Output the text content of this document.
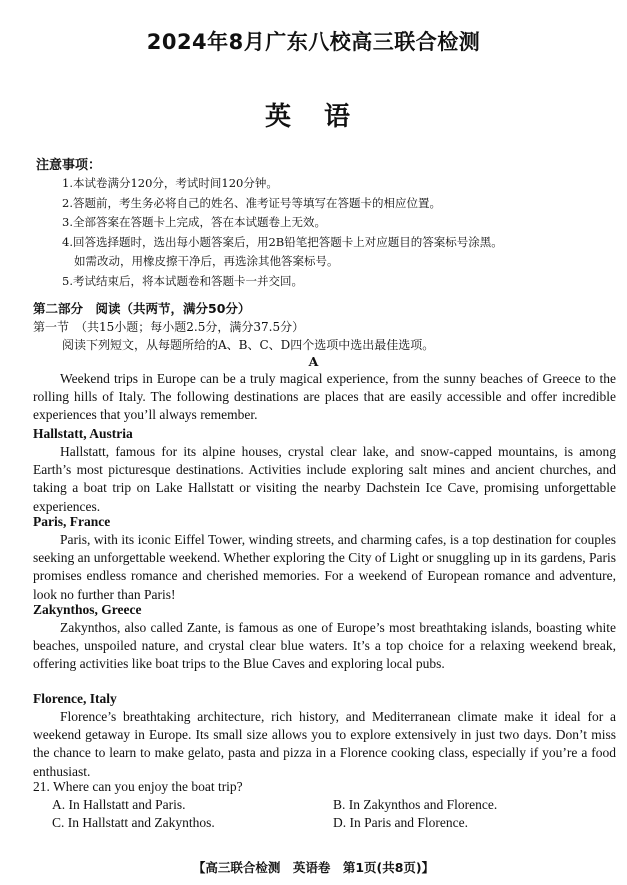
2024年8月广东八校高三联合检测
英 语
注意事项：
1.本试卷满分120分，考试时间120分钟。
2.答题前，考生务必将自己的姓名、准考证号等填写在答题卡的相应位置。
3.全部答案在答题卡上完成，答在本试题卷上无效。
4.回答选择题时，选出每小题答案后，用2B铅笔把答题卡上对应题目的答案标号涂黑。
如需改动，用橡皮擦干净后，再选涂其他答案标号。
5.考试结束后，将本试题卷和答题卡一并交回。
第二部分　阅读（共两节，满分50分）
第一节　（共15小题；每小题2.5分，满分37.5分）
阅读下列短文，从每题所给的A、B、C、D四个选项中选出最佳选项。
A

Weekend trips in Europe can be a truly magical experience, from the sunny beaches of Greece to the rolling hills of Italy. The following destinations are places that are easily accessible and offer incredible experiences that you’ll always remember.

Hallstatt, Austria

Hallstatt, famous for its alpine houses, crystal clear lake, and snow-capped mountains, is among Earth’s most picturesque destinations. Activities include exploring salt mines and ancient churches, and taking a boat trip on Lake Hallstatt or visiting the nearby Dachstein Ice Cave, promising unforgettable experiences.

Paris, France

Paris, with its iconic Eiffel Tower, winding streets, and charming cafes, is a top destination for couples seeking an unforgettable weekend. Whether exploring the City of Light or snuggling up in its gardens, Paris promises endless romance and cherished memories. For a weekend of European romance and adventure, look no further than Paris!

Zakynthos, Greece

Zakynthos, also called Zante, is famous as one of Europe’s most breathtaking islands, boasting white beaches, unspoiled nature, and crystal clear blue waters. It’s a top choice for a relaxing weekend break, offering activities like boat trips to the Blue Caves and exploring local pubs.

Florence, Italy

Florence’s breathtaking architecture, rich history, and Mediterranean climate make it ideal for a weekend getaway in Europe. Its small size allows you to explore extensively in just two days. Don’t miss the chance to learn to make gelato, pasta and pizza in a Florence cooking class, especially if you’re a food enthusiast.

21. Where can you enjoy the boat trip?
A. In Hallstatt and Paris.	B. In Zakynthos and Florence.
C. In Hallstatt and Zakynthos.	D. In Paris and Florence.
【高三联合检测　英语卷　第1页(共8页)】
